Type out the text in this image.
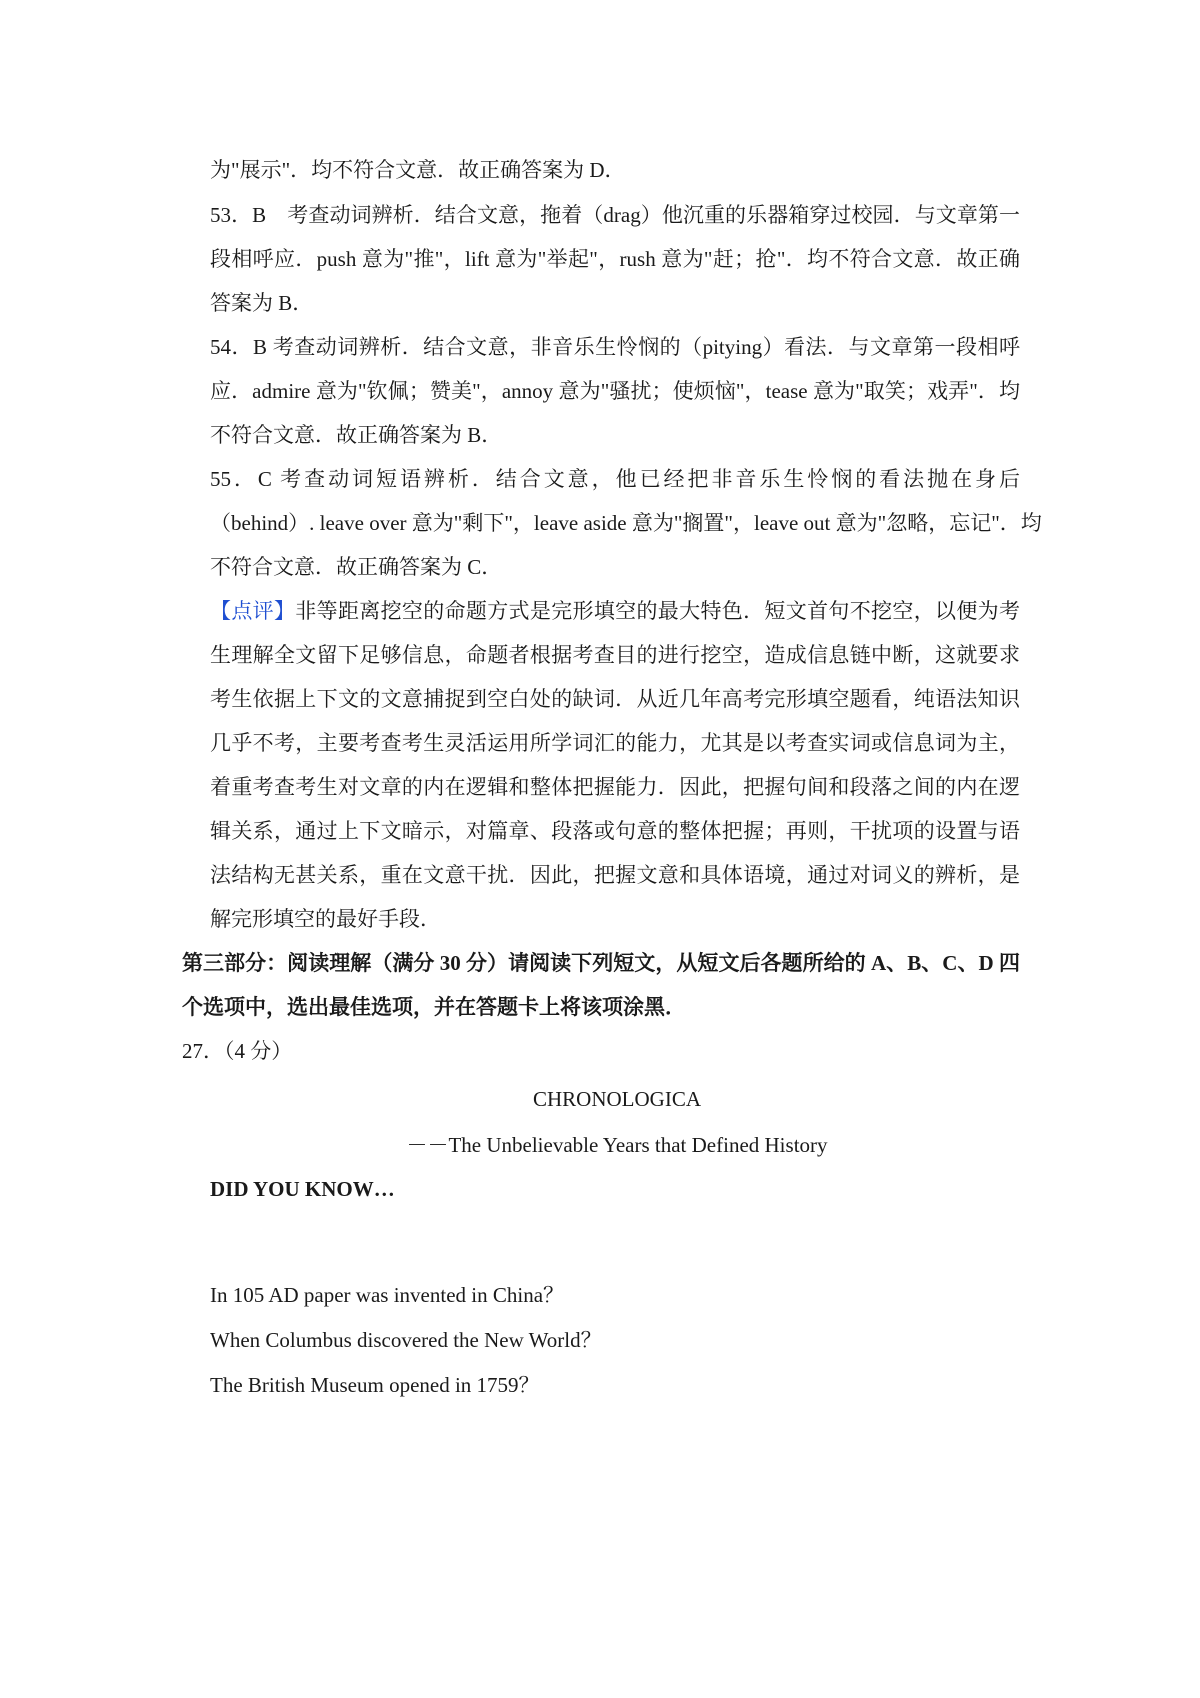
为"展示"．均不符合文意．故正确答案为 D．
53．B　考查动词辨析．结合文意，拖着（drag）他沉重的乐器箱穿过校园．与文章第一
段相呼应．push 意为"推"，lift 意为"举起"，rush 意为"赶；抢"．均不符合文意．故正确
答案为 B．
54．B 考查动词辨析．结合文意，非音乐生怜悯的（pitying）看法．与文章第一段相呼
应．admire 意为"钦佩；赞美"，annoy 意为"骚扰；使烦恼"，tease 意为"取笑；戏弄"．均
不符合文意．故正确答案为 B．
55．C 考查动词短语辨析．结合文意，他已经把非音乐生怜悯的看法抛在身后
（behind）. leave over 意为"剩下"，leave aside 意为"搁置"，leave out 意为"忽略，忘记"．均
不符合文意．故正确答案为 C．
【点评】非等距离挖空的命题方式是完形填空的最大特色．短文首句不挖空，以便为考
生理解全文留下足够信息，命题者根据考查目的进行挖空，造成信息链中断，这就要求
考生依据上下文的文意捕捉到空白处的缺词．从近几年高考完形填空题看，纯语法知识
几乎不考，主要考查考生灵活运用所学词汇的能力，尤其是以考查实词或信息词为主，
着重考查考生对文章的内在逻辑和整体把握能力．因此，把握句间和段落之间的内在逻
辑关系，通过上下文暗示，对篇章、段落或句意的整体把握；再则，干扰项的设置与语
法结构无甚关系，重在文意干扰．因此，把握文意和具体语境，通过对词义的辨析，是
解完形填空的最好手段．
第三部分：阅读理解（满分 30 分）请阅读下列短文，从短文后各题所给的 A、B、C、D 四
个选项中，选出最佳选项，并在答题卡上将该项涂黑．
27．（4 分）
CHRONOLOGICA
－－The Unbelievable Years that Defined History
DID YOU KNOW…
In 105 AD paper was invented in China？
When Columbus discovered the New World？
The British Museum opened in 1759？
